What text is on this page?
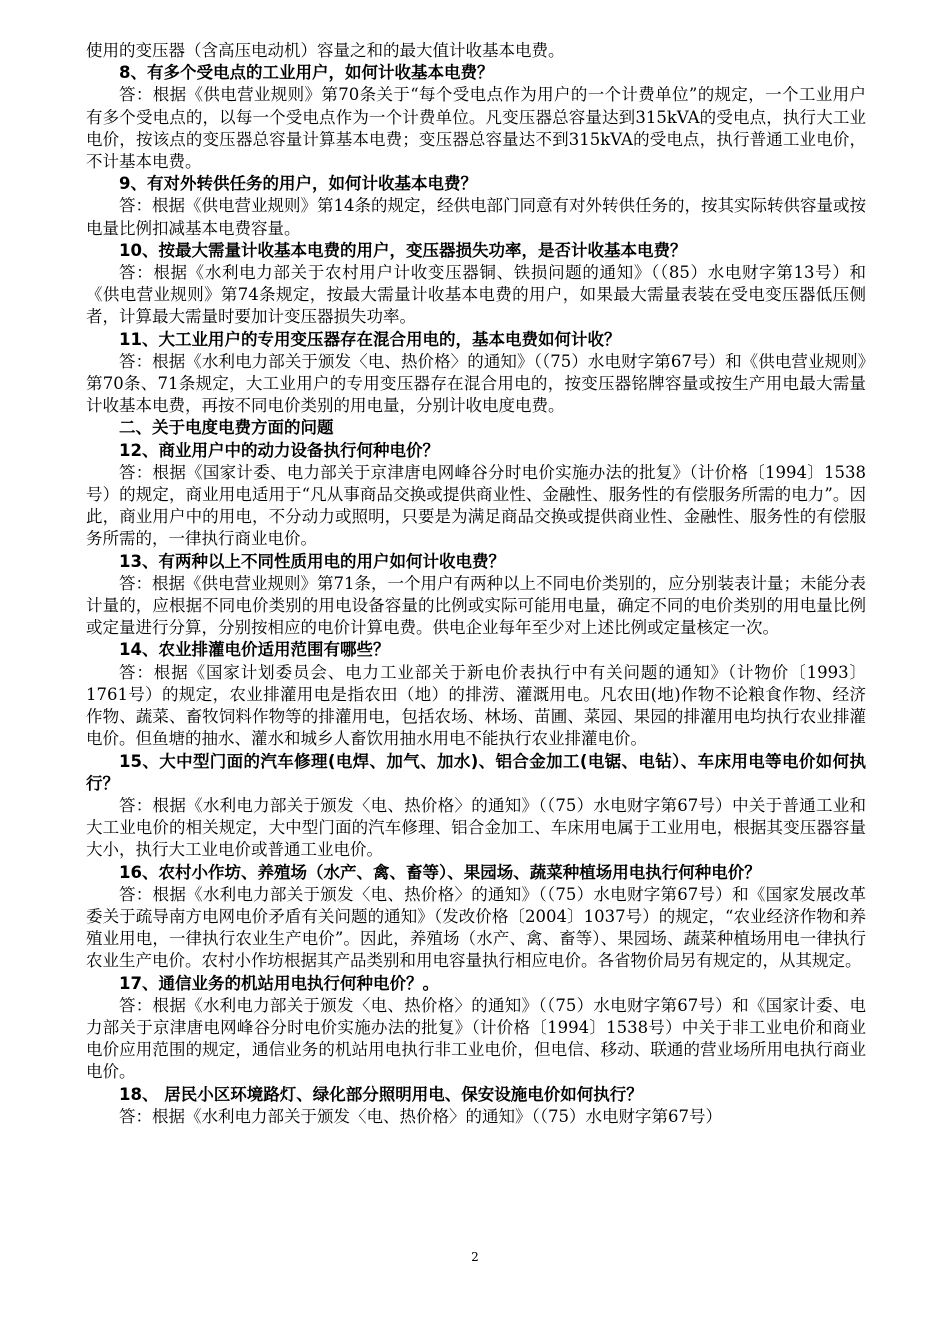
使用的变压器（含高压电动机）容量之和的最大值计收基本电费。

8、有多个受电点的工业用户，如何计收基本电费？

答：根据《供电营业规则》第70条关于“每个受电点作为用户的一个计费单位”的规定，一个工业用户有多个受电点的，以每一个受电点作为一个计费单位。凡变压器总容量达到315kVA的受电点，执行大工业电价，按该点的变压器总容量计算基本电费；变压器总容量达不到315kVA的受电点，执行普通工业电价，不计基本电费。

9、有对外转供任务的用户，如何计收基本电费？

答：根据《供电营业规则》第14条的规定，经供电部门同意有对外转供任务的，按其实际转供容量或按电量比例扣减基本电费容量。

10、按最大需量计收基本电费的用户，变压器损失功率，是否计收基本电费？

答：根据《水利电力部关于农村用户计收变压器铜、铁损问题的通知》（（85）水电财字第13号）和《供电营业规则》第74条规定，按最大需量计收基本电费的用户，如果最大需量表装在受电变压器低压侧者，计算最大需量时要加计变压器损失功率。

11、大工业用户的专用变压器存在混合用电的，基本电费如何计收？

答：根据《水利电力部关于颁发〈电、热价格〉的通知》（（75）水电财字第67号）和《供电营业规则》第70条、71条规定，大工业用户的专用变压器存在混合用电的，按变压器铭牌容量或按生产用电最大需量计收基本电费，再按不同电价类别的用电量，分别计收电度电费。

二、关于电度电费方面的问题

12、商业用户中的动力设备执行何种电价？

答：根据《国家计委、电力部关于京津唐电网峰谷分时电价实施办法的批复》（计价格〔1994〕1538号）的规定，商业用电适用于“凡从事商品交换或提供商业性、金融性、服务性的有偿服务所需的电力”。因此，商业用户中的用电，不分动力或照明，只要是为满足商品交换或提供商业性、金融性、服务性的有偿服务所需的，一律执行商业电价。

13、有两种以上不同性质用电的用户如何计收电费？

答：根据《供电营业规则》第71条，一个用户有两种以上不同电价类别的，应分别装表计量；未能分表计量的，应根据不同电价类别的用电设备容量的比例或实际可能用电量，确定不同的电价类别的用电量比例或定量进行分算，分别按相应的电价计算电费。供电企业每年至少对上述比例或定量核定一次。

14、农业排灌电价适用范围有哪些？

答：根据《国家计划委员会、电力工业部关于新电价表执行中有关问题的通知》（计物价〔1993〕1761号）的规定，农业排灌用电是指农田（地）的排涝、灌溉用电。凡农田(地)作物不论粮食作物、经济作物、蔬菜、畜牧饲料作物等的排灌用电，包括农场、林场、苗圃、菜园、果园的排灌用电均执行农业排灌电价。但鱼塘的抽水、灌水和城乡人畜饮用抽水用电不能执行农业排灌电价。

15、大中型门面的汽车修理(电焊、加气、加水)、铝合金加工(电锯、电钻）、车床用电等电价如何执行？

答：根据《水利电力部关于颁发〈电、热价格〉的通知》（（75）水电财字第67号）中关于普通工业和大工业电价的相关规定，大中型门面的汽车修理、铝合金加工、车床用电属于工业用电，根据其变压器容量大小，执行大工业电价或普通工业电价。

16、农村小作坊、养殖场（水产、禽、畜等）、果园场、蔬菜种植场用电执行何种电价？

答：根据《水利电力部关于颁发〈电、热价格〉的通知》（（75）水电财字第67号）和《国家发展改革委关于疏导南方电网电价矛盾有关问题的通知》（发改价格〔2004〕1037号）的规定，“农业经济作物和养殖业用电，一律执行农业生产电价”。因此，养殖场（水产、禽、畜等）、果园场、蔬菜种植场用电一律执行农业生产电价。农村小作坊根据其产品类别和用电容量执行相应电价。各省物价局另有规定的，从其规定。

17、通信业务的机站用电执行何种电价？。

答：根据《水利电力部关于颁发〈电、热价格〉的通知》（（75）水电财字第67号）和《国家计委、电力部关于京津唐电网峰谷分时电价实施办法的批复》（计价格〔1994〕1538号）中关于非工业电价和商业电价应用范围的规定，通信业务的机站用电执行非工业电价，但电信、移动、联通的营业场所用电执行商业电价。

18、 居民小区环境路灯、绿化部分照明用电、保安设施电价如何执行？

答：根据《水利电力部关于颁发〈电、热价格〉的通知》（（75）水电财字第67号）

2
